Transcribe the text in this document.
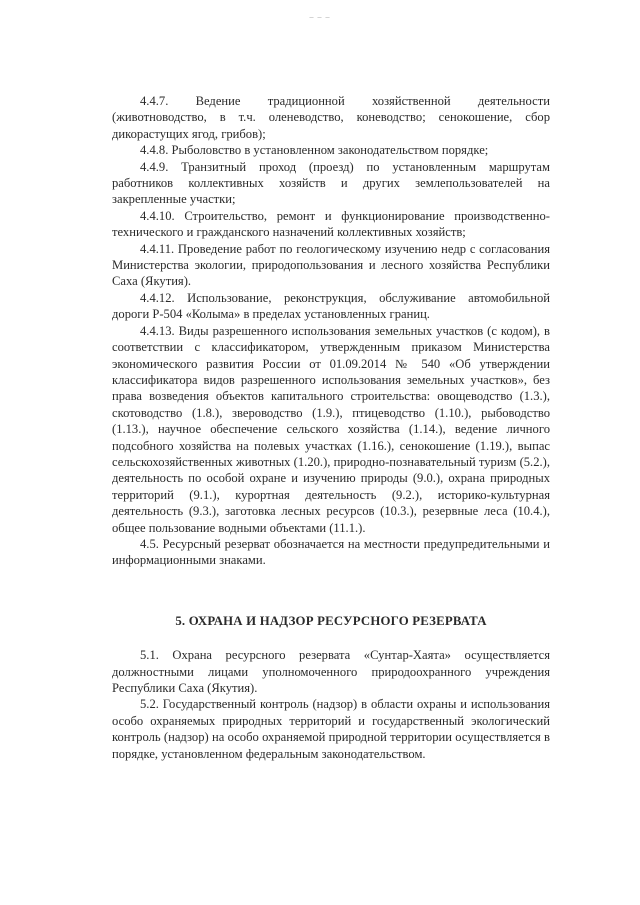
– – –

4.4.7. Ведение традиционной хозяйственной деятельности (животноводство, в т.ч. оленеводство, коневодство; сенокошение, сбор дикорастущих ягод, грибов);

4.4.8. Рыболовство в установленном законодательством порядке;

4.4.9. Транзитный проход (проезд) по установленным маршрутам работников коллективных хозяйств и других землепользователей на закрепленные участки;

4.4.10. Строительство, ремонт и функционирование производственно-технического и гражданского назначений коллективных хозяйств;

4.4.11. Проведение работ по геологическому изучению недр с согласования Министерства экологии, природопользования и лесного хозяйства Республики Саха (Якутия).

4.4.12. Использование, реконструкция, обслуживание автомобильной дороги Р-504 «Колыма» в пределах установленных границ.

4.4.13. Виды разрешенного использования земельных участков (с кодом), в соответствии с классификатором, утвержденным приказом Министерства экономического развития России от 01.09.2014 № 540 «Об утверждении классификатора видов разрешенного использования земельных участков», без права возведения объектов капитального строительства: овощеводство (1.3.), скотоводство (1.8.), звероводство (1.9.), птицеводство (1.10.), рыбоводство (1.13.), научное обеспечение сельского хозяйства (1.14.), ведение личного подсобного хозяйства на полевых участках (1.16.), сенокошение (1.19.), выпас сельскохозяйственных животных (1.20.), природно-познавательный туризм (5.2.), деятельность по особой охране и изучению природы (9.0.), охрана природных территорий (9.1.), курортная деятельность (9.2.), историко-культурная деятельность (9.3.), заготовка лесных ресурсов (10.3.), резервные леса (10.4.), общее пользование водными объектами (11.1.).

4.5. Ресурсный резерват обозначается на местности предупредительными и информационными знаками.

5. ОХРАНА И НАДЗОР РЕСУРСНОГО РЕЗЕРВАТА

5.1. Охрана ресурсного резервата «Сунтар-Хаята» осуществляется должностными лицами уполномоченного природоохранного учреждения Республики Саха (Якутия).

5.2. Государственный контроль (надзор) в области охраны и использования особо охраняемых природных территорий и государственный экологический контроль (надзор) на особо охраняемой природной территории осуществляется в порядке, установленном федеральным законодательством.
